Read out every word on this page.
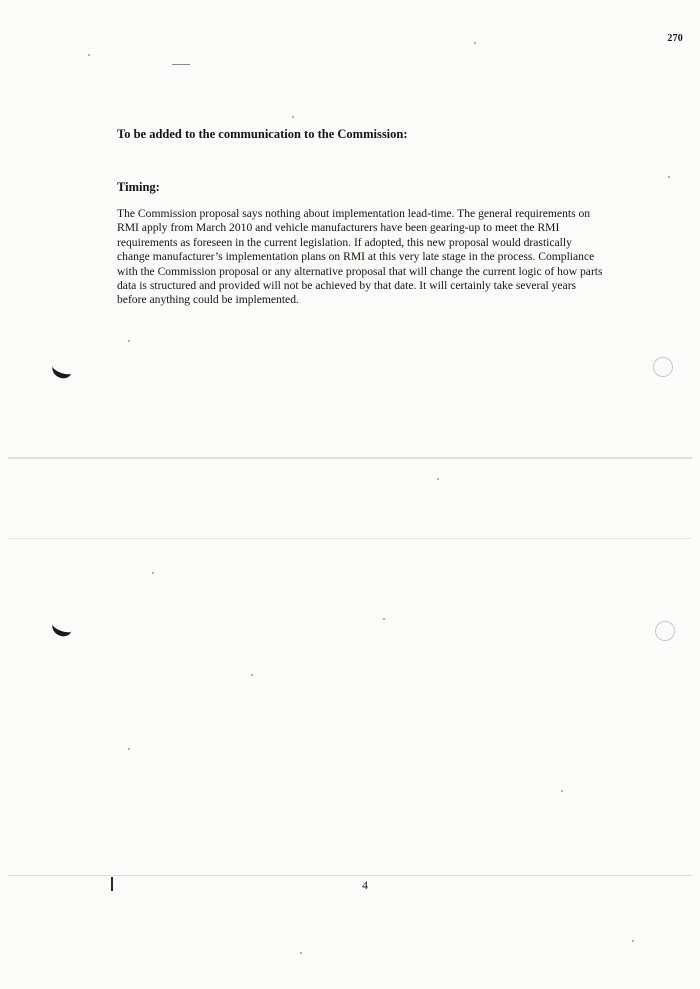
270
To be added to the communication to the Commission:
Timing:

The Commission proposal says nothing about implementation lead-time. The general requirements on RMI apply from March 2010 and vehicle manufacturers have been gearing-up to meet the RMI requirements as foreseen in the current legislation. If adopted, this new proposal would drastically change manufacturer’s implementation plans on RMI at this very late stage in the process. Compliance with the Commission proposal or any alternative proposal that will change the current logic of how parts data is structured and provided will not be achieved by that date. It will certainly take several years before anything could be implemented.

4
